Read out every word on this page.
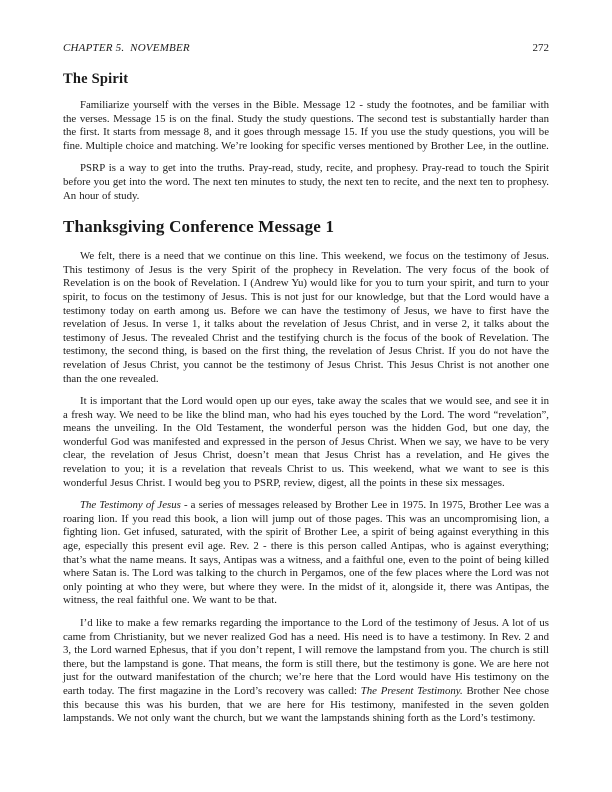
CHAPTER 5.  NOVEMBER	272
The Spirit

Familiarize yourself with the verses in the Bible. Message 12 - study the footnotes, and be familiar with the verses. Message 15 is on the final. Study the study questions. The second test is substantially harder than the first. It starts from message 8, and it goes through message 15. If you use the study questions, you will be fine. Multiple choice and matching. We’re looking for specific verses mentioned by Brother Lee, in the outline.

PSRP is a way to get into the truths. Pray-read, study, recite, and prophesy. Pray-read to touch the Spirit before you get into the word. The next ten minutes to study, the next ten to recite, and the next ten to prophesy. An hour of study.

Thanksgiving Conference Message 1

We felt, there is a need that we continue on this line. This weekend, we focus on the testimony of Jesus. This testimony of Jesus is the very Spirit of the prophecy in Revelation. The very focus of the book of Revelation is on the book of Revelation. I (Andrew Yu) would like for you to turn your spirit, and turn to your spirit, to focus on the testimony of Jesus. This is not just for our knowledge, but that the Lord would have a testimony today on earth among us. Before we can have the testimony of Jesus, we have to first have the revelation of Jesus. In verse 1, it talks about the revelation of Jesus Christ, and in verse 2, it talks about the testimony of Jesus. The revealed Christ and the testifying church is the focus of the book of Revelation. The testimony, the second thing, is based on the first thing, the revelation of Jesus Christ. If you do not have the revelation of Jesus Christ, you cannot be the testimony of Jesus Christ. This Jesus Christ is not another one than the one revealed.

It is important that the Lord would open up our eyes, take away the scales that we would see, and see it in a fresh way. We need to be like the blind man, who had his eyes touched by the Lord. The word “revelation”, means the unveiling. In the Old Testament, the wonderful person was the hidden God, but one day, the wonderful God was manifested and expressed in the person of Jesus Christ. When we say, we have to be very clear, the revelation of Jesus Christ, doesn’t mean that Jesus Christ has a revelation, and He gives the revelation to you; it is a revelation that reveals Christ to us. This weekend, what we want to see is this wonderful Jesus Christ. I would beg you to PSRP, review, digest, all the points in these six messages.

The Testimony of Jesus - a series of messages released by Brother Lee in 1975. In 1975, Brother Lee was a roaring lion. If you read this book, a lion will jump out of those pages. This was an uncompromising lion, a fighting lion. Get infused, saturated, with the spirit of Brother Lee, a spirit of being against everything in this age, especially this present evil age. Rev. 2 - there is this person called Antipas, who is against everything; that’s what the name means. It says, Antipas was a witness, and a faithful one, even to the point of being killed where Satan is. The Lord was talking to the church in Pergamos, one of the few places where the Lord was not only pointing at who they were, but where they were. In the midst of it, alongside it, there was Antipas, the witness, the real faithful one. We want to be that.

I’d like to make a few remarks regarding the importance to the Lord of the testimony of Jesus. A lot of us came from Christianity, but we never realized God has a need. His need is to have a testimony. In Rev. 2 and 3, the Lord warned Ephesus, that if you don’t repent, I will remove the lampstand from you. The church is still there, but the lampstand is gone. That means, the form is still there, but the testimony is gone. We are here not just for the outward manifestation of the church; we’re here that the Lord would have His testimony on the earth today. The first magazine in the Lord’s recovery was called: The Present Testimony. Brother Nee chose this because this was his burden, that we are here for His testimony, manifested in the seven golden lampstands. We not only want the church, but we want the lampstands shining forth as the Lord’s testimony.
